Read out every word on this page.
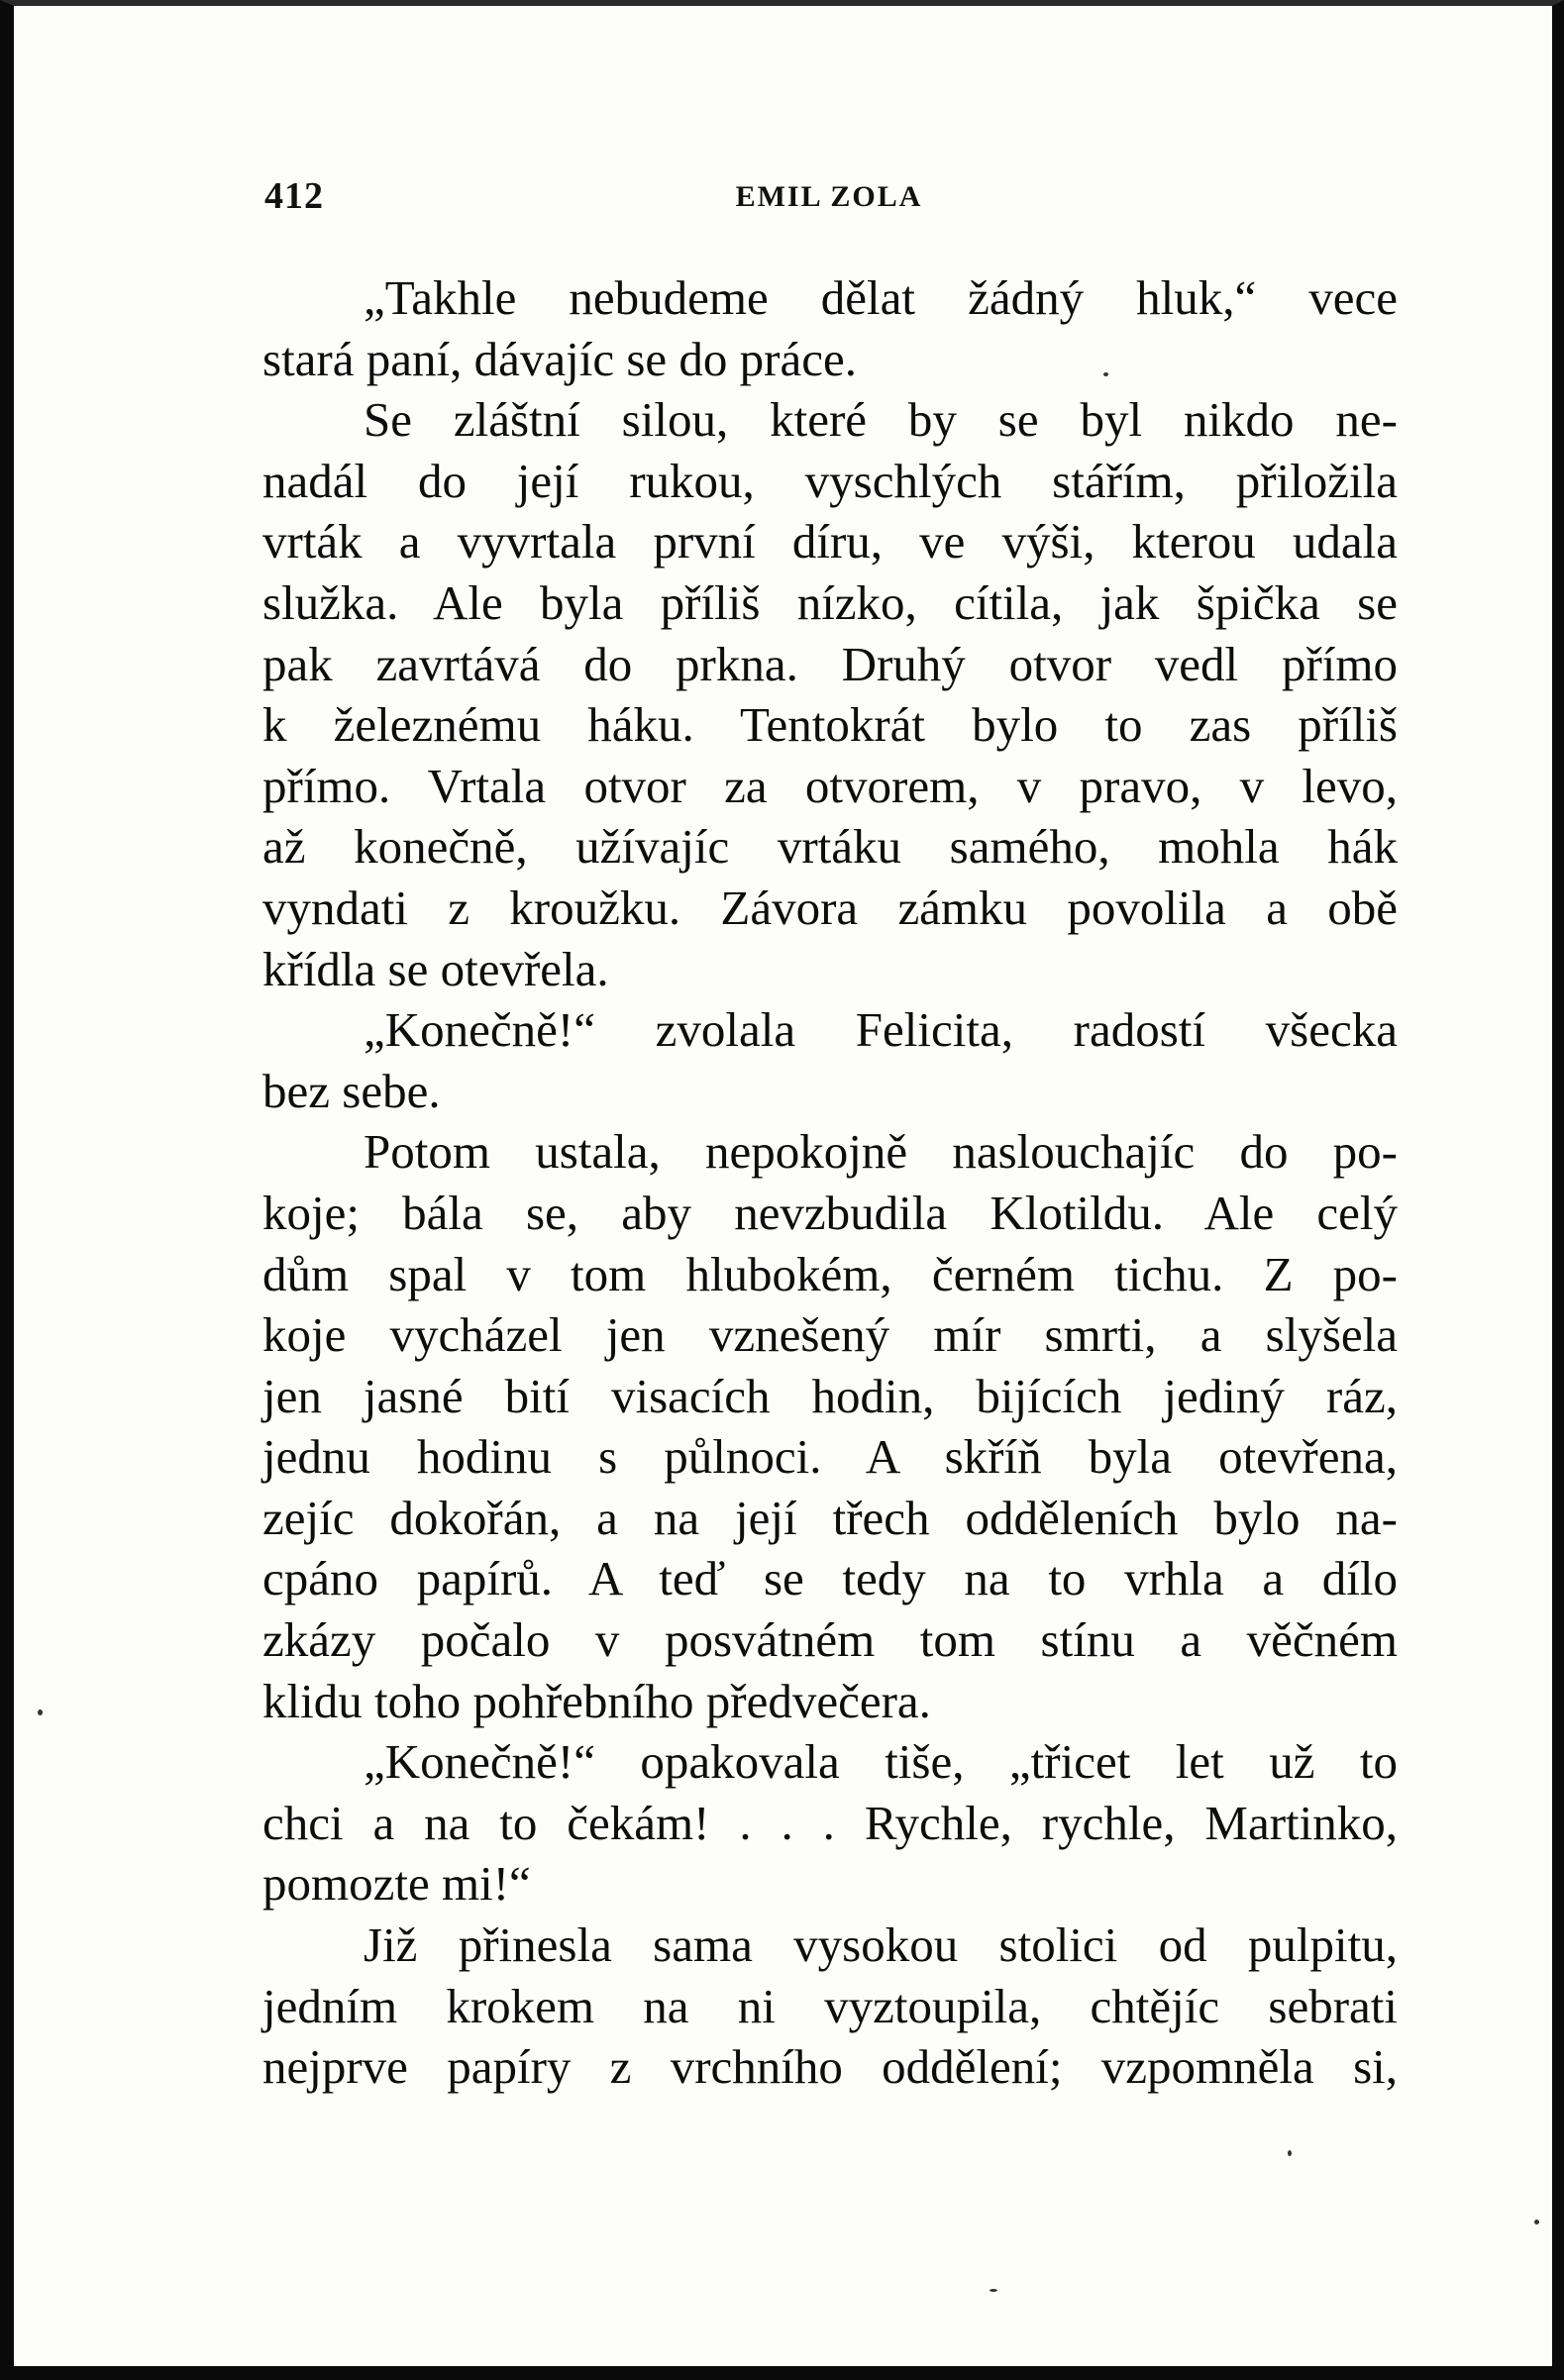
412	EMIL ZOLA
„Takhle nebudeme dělat žádný hluk,“ vece
stará paní, dávajíc se do práce.
Se zláštní silou, které by se byl nikdo ne-
nadál do její rukou, vyschlých stářím, přiložila
vrták a vyvrtala první díru, ve výši, kterou udala
služka. Ale byla příliš nízko, cítila, jak špička se
pak zavrtává do prkna. Druhý otvor vedl přímo
k železnému háku. Tentokrát bylo to zas příliš
přímo. Vrtala otvor za otvorem, v pravo, v levo,
až konečně, užívajíc vrtáku samého, mohla hák
vyndati z kroužku. Závora zámku povolila a obě
křídla se otevřela.
„Konečně!“ zvolala Felicita, radostí všecka
bez sebe.
Potom ustala, nepokojně naslouchajíc do po-
koje; bála se, aby nevzbudila Klotildu. Ale celý
dům spal v tom hlubokém, černém tichu. Z po-
koje vycházel jen vznešený mír smrti, a slyšela
jen jasné bití visacích hodin, bijících jediný ráz,
jednu hodinu s půlnoci. A skříň byla otevřena,
zejíc dokořán, a na její třech odděleních bylo na-
cpáno papírů. A teď se tedy na to vrhla a dílo
zkázy počalo v posvátném tom stínu a věčném
klidu toho pohřebního předvečera.
„Konečně!“ opakovala tiše, „třicet let už to
chci a na to čekám! . . . Rychle, rychle, Martinko,
pomozte mi!“
Již přinesla sama vysokou stolici od pulpitu,
jedním krokem na ni vyztoupila, chtějíc sebrati
nejprve papíry z vrchního oddělení; vzpomněla si,
